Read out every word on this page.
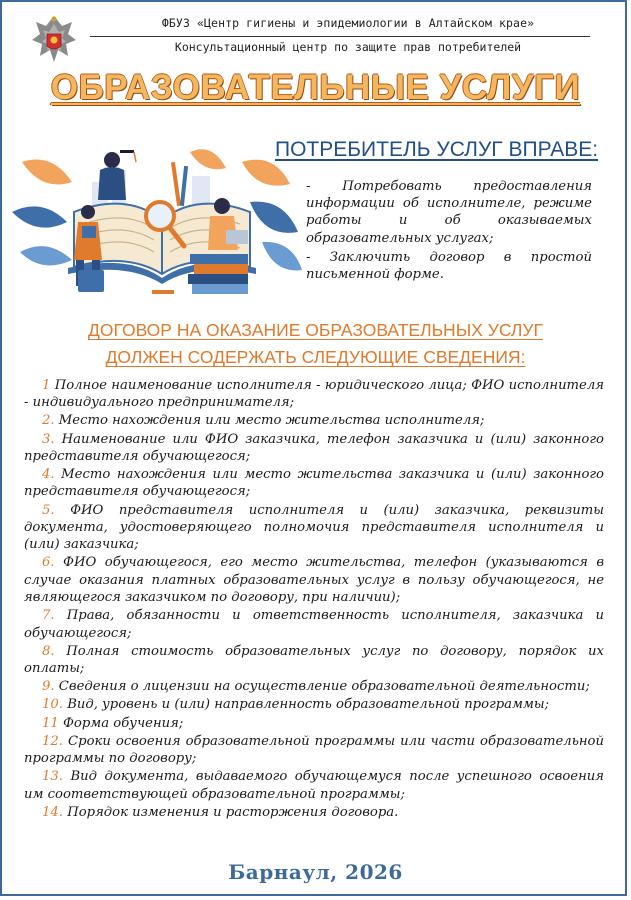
ФБУЗ «Центр гигиены и эпидемиологии в Алтайском крае»
Консультационный центр по защите прав потребителей
ОБРАЗОВАТЕЛЬНЫЕ УСЛУГИ
ПОТРЕБИТЕЛЬ УСЛУГ ВПРАВЕ:

- Потребовать предоставления информации об исполнителе, режиме работы и об оказываемых образовательных услугах;

- Заключить договор в простой письменной форме.

ДОГОВОР НА ОКАЗАНИЕ ОБРАЗОВАТЕЛЬНЫХ УСЛУГ
ДОЛЖЕН СОДЕРЖАТЬ СЛЕДУЮЩИЕ СВЕДЕНИЯ:
1 Полное наименование исполнителя - юридического лица; ФИО исполнителя - индивидуального предпринимателя;
2. Место нахождения или место жительства исполнителя;
3. Наименование или ФИО заказчика, телефон заказчика и (или) законного представителя обучающегося;
4. Место нахождения или место жительства заказчика и (или) законного представителя обучающегося;
5. ФИО представителя исполнителя и (или) заказчика, реквизиты документа, удостоверяющего полномочия представителя исполнителя и (или) заказчика;
6. ФИО обучающегося, его место жительства, телефон (указываются в случае оказания платных образовательных услуг в пользу обучающегося, не являющегося заказчиком по договору, при наличии);
7. Права, обязанности и ответственность исполнителя, заказчика и обучающегося;
8. Полная стоимость образовательных услуг по договору, порядок их оплаты;
9. Сведения о лицензии на осуществление образовательной деятельности;
10. Вид, уровень и (или) направленность образовательной программы;
11 Форма обучения;
12. Сроки освоения образовательной программы или части образовательной программы по договору;
13. Вид документа, выдаваемого обучающемуся после успешного освоения им соответствующей образовательной программы;
14. Порядок изменения и расторжения договора.
Барнаул, 2026
